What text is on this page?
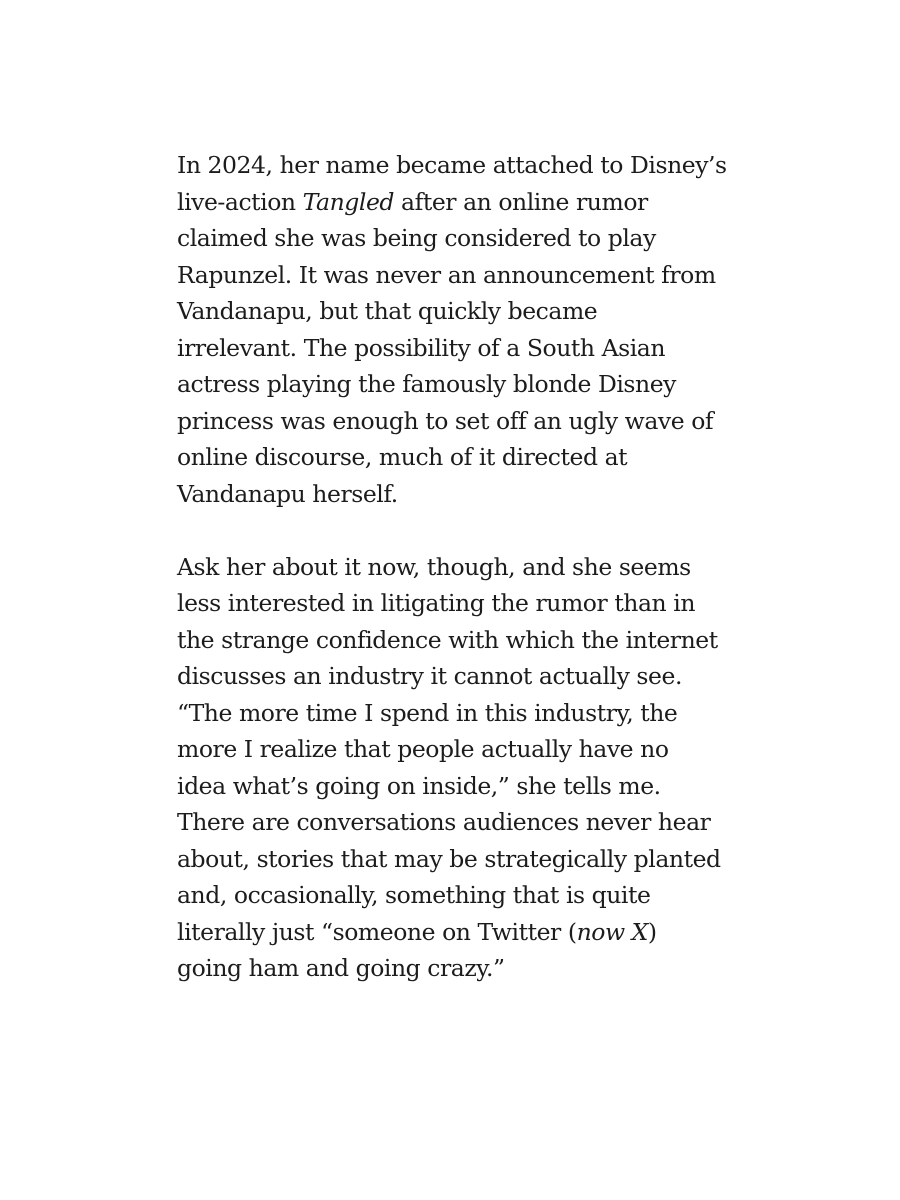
In 2024, her name became attached to Disney’s
live-action Tangled after an online rumor
claimed she was being considered to play
Rapunzel. It was never an announcement from
Vandanapu, but that quickly became
irrelevant. The possibility of a South Asian
actress playing the famously blonde Disney
princess was enough to set off an ugly wave of
online discourse, much of it directed at
Vandanapu herself.

Ask her about it now, though, and she seems
less interested in litigating the rumor than in
the strange confidence with which the internet
discusses an industry it cannot actually see.
“The more time I spend in this industry, the
more I realize that people actually have no
idea what’s going on inside,” she tells me.
There are conversations audiences never hear
about, stories that may be strategically planted
and, occasionally, something that is quite
literally just “someone on Twitter (now X)
going ham and going crazy.”
